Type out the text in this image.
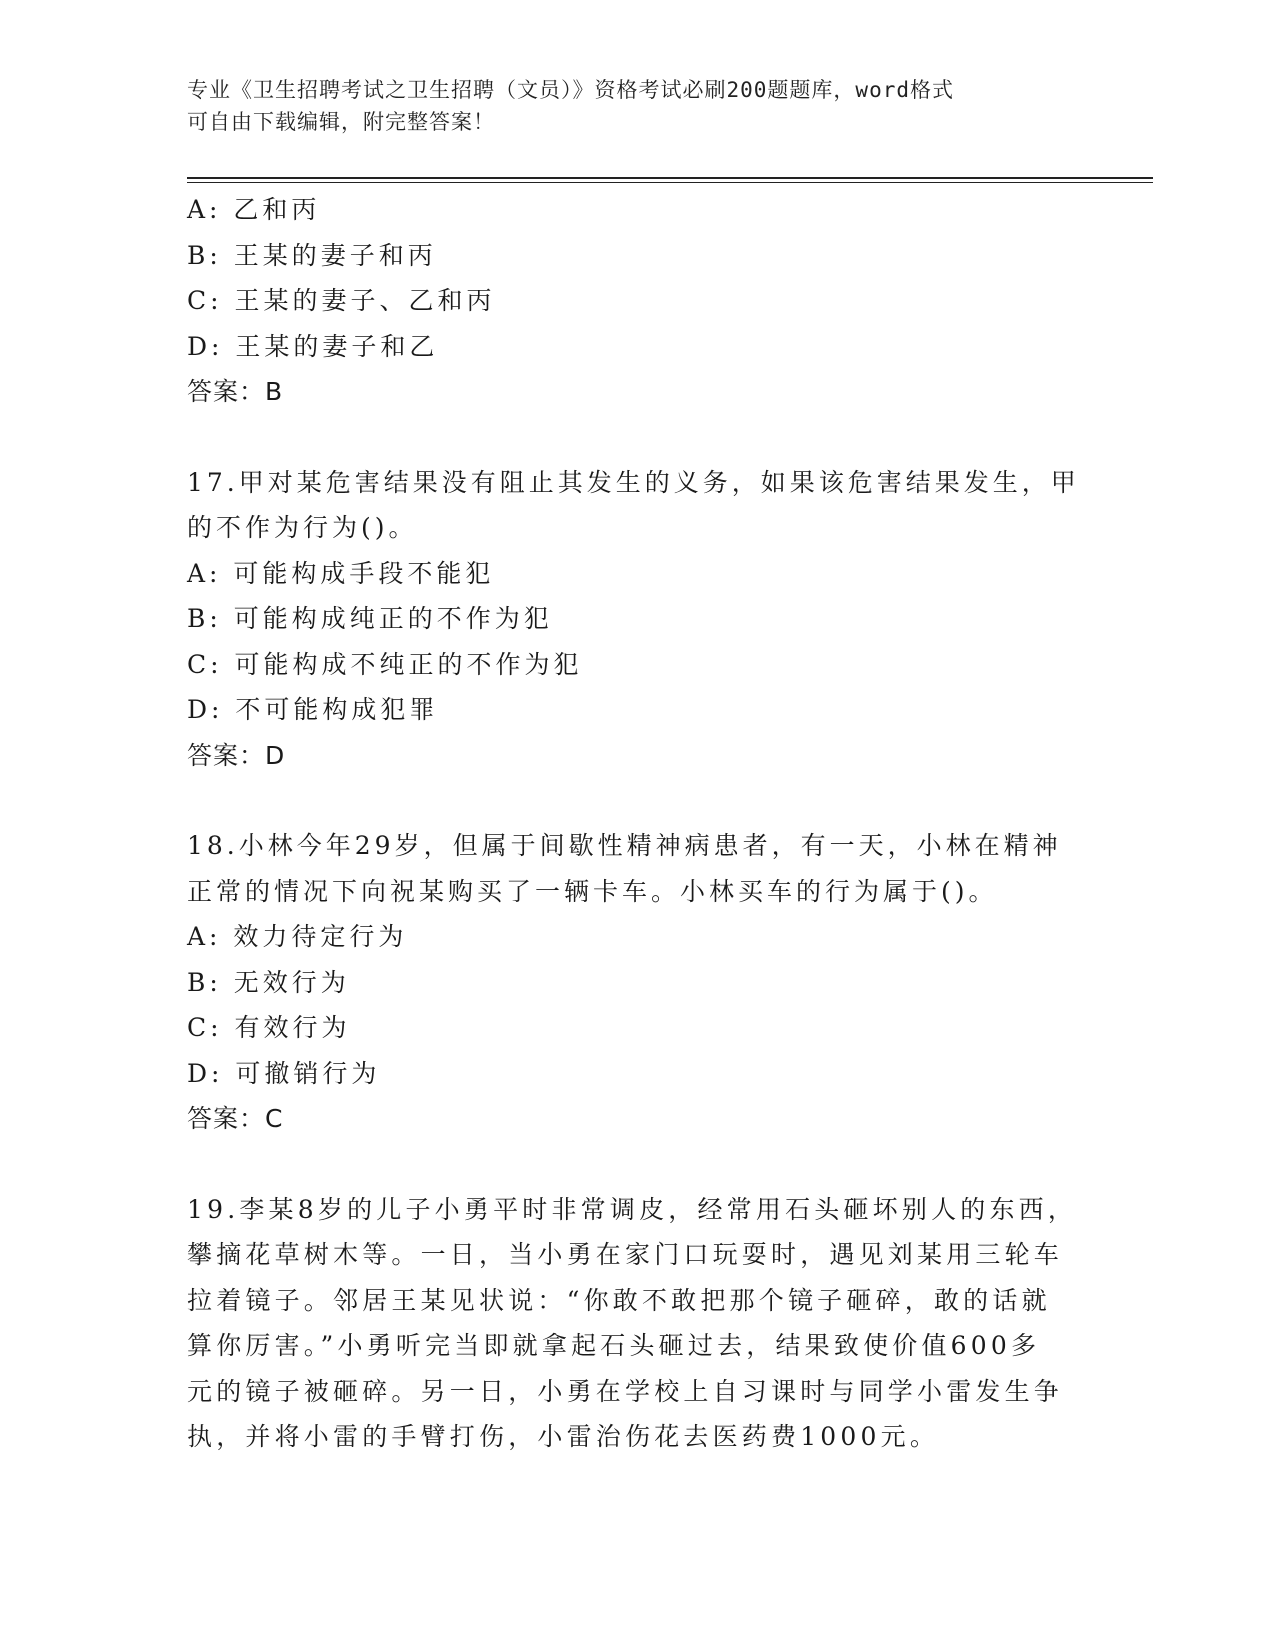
专业《卫生招聘考试之卫生招聘（文员）》资格考试必刷200题题库，word格式
可自由下载编辑，附完整答案！
A: 乙和丙
B: 王某的妻子和丙
C: 王某的妻子、乙和丙
D: 王某的妻子和乙
答案：B
17.甲对某危害结果没有阻止其发生的义务，如果该危害结果发生，甲
的不作为行为()。
A: 可能构成手段不能犯
B: 可能构成纯正的不作为犯
C: 可能构成不纯正的不作为犯
D: 不可能构成犯罪
答案：D
18.小林今年29岁，但属于间歇性精神病患者，有一天，小林在精神
正常的情况下向祝某购买了一辆卡车。小林买车的行为属于()。
A: 效力待定行为
B: 无效行为
C: 有效行为
D: 可撤销行为
答案：C
19.李某8岁的儿子小勇平时非常调皮，经常用石头砸坏别人的东西，
攀摘花草树木等。一日，当小勇在家门口玩耍时，遇见刘某用三轮车
拉着镜子。邻居王某见状说：“你敢不敢把那个镜子砸碎，敢的话就
算你厉害。”小勇听完当即就拿起石头砸过去，结果致使价值600多
元的镜子被砸碎。另一日，小勇在学校上自习课时与同学小雷发生争
执，并将小雷的手臂打伤，小雷治伤花去医药费1000元。
